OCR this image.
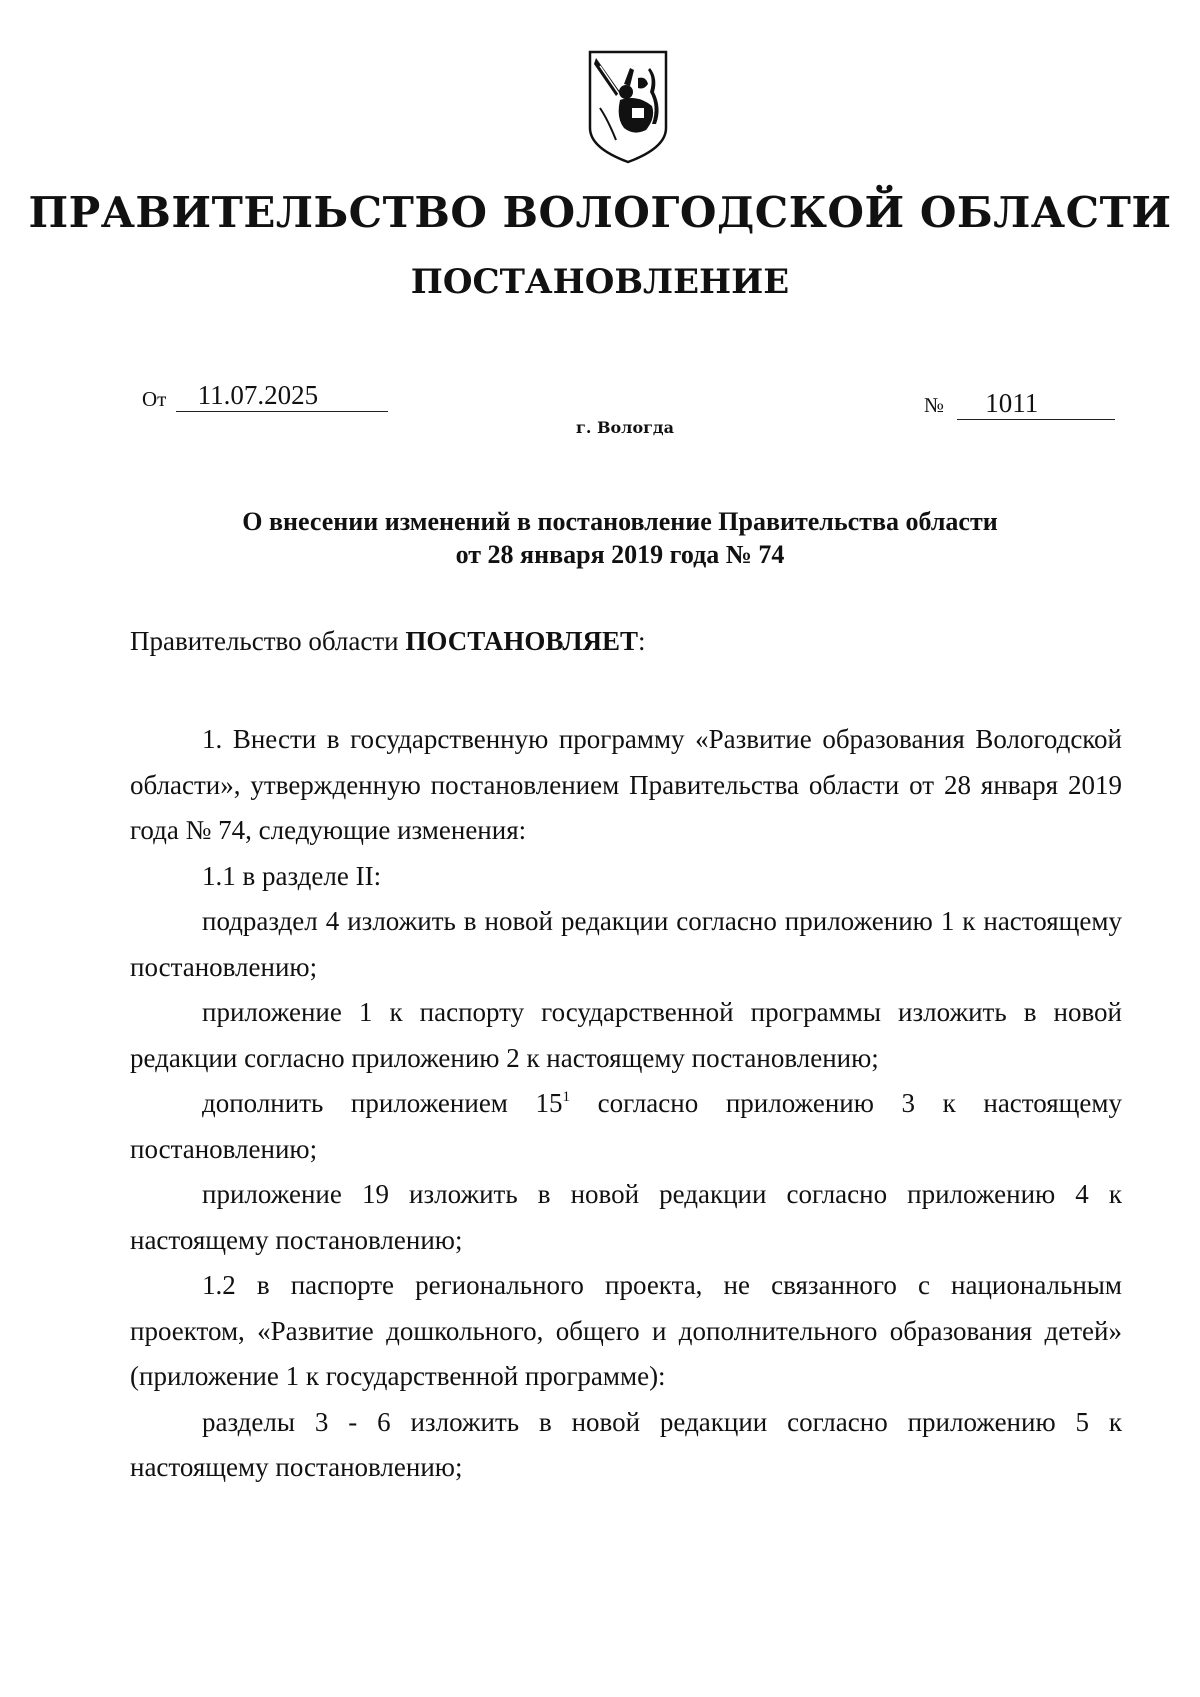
ПРАВИТЕЛЬСТВО ВОЛОГОДСКОЙ ОБЛАСТИ
ПОСТАНОВЛЕНИЕ
От 11.07.2025	№ 1011
г. Вологда
О внесении изменений в постановление Правительства области
от 28 января 2019 года № 74
Правительство области ПОСТАНОВЛЯЕТ:

1. Внести в государственную программу «Развитие образования Вологодской области», утвержденную постановлением Правительства области от 28 января 2019 года № 74, следующие изменения:

1.1 в разделе II:

подраздел 4 изложить в новой редакции согласно приложению 1 к настоящему постановлению;

приложение 1 к паспорту государственной программы изложить в новой редакции согласно приложению 2 к настоящему постановлению;

дополнить приложением $15^1$ согласно приложению 3 к настоящему постановлению;

приложение 19 изложить в новой редакции согласно приложению 4 к настоящему постановлению;

1.2 в паспорте регионального проекта, не связанного с национальным проектом, «Развитие дошкольного, общего и дополнительного образования детей» (приложение 1 к государственной программе):

разделы 3 - 6 изложить в новой редакции согласно приложению 5 к настоящему постановлению;
